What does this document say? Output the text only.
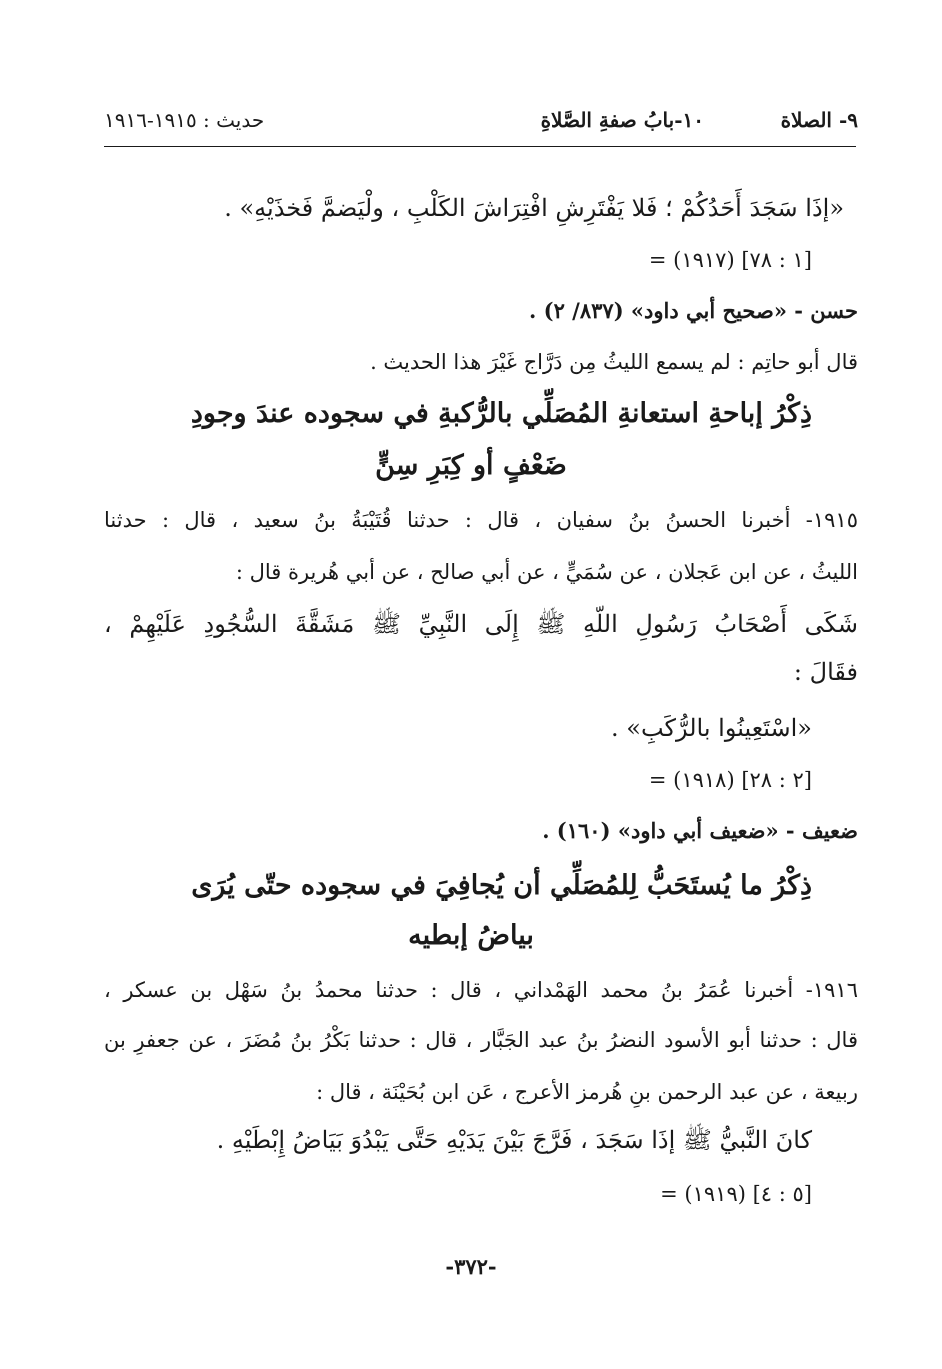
٩- الصلاة
١٠-بابُ صفةِ الصَّلاةِ
حديث : ١٩١٥-١٩١٦
«إذَا سَجَدَ أَحَدُكُمْ ؛ فَلا يَفْتَرِشِ افْتِرَاشَ الكَلْبِ ، ولْيَضمَّ فَخذَيْهِ» .
= (١٩١٧) [١ : ٧٨]
حسن - «صحيح أبي داود» (٨٣٧/ ٢) .
قال أبو حاتِم : لم يسمع الليثُ مِن دَرَّاج غَيْرَ هذا الحديث .
ذِكْرُ إباحةِ استعانةِ المُصَلِّي بالرُّكبةِ في سجوده عندَ وجودِ
ضَعْفٍ أو كِبَرِ سِنٍّ
١٩١٥- أخبرنا الحسنُ بنُ سفيان ، قال : حدثنا قُتَيْبَةُ بنُ سعيد ، قال : حدثنا
الليثُ ، عن ابن عَجلان ، عن سُمَيٍّ ، عن أبي صالح ، عن أبي هُريرة قال :
شَكَى أَصْحَابُ رَسُولِ اللّهِ ﷺ إِلَى النَّبِيِّ ﷺ مَشَقَّةَ السُّجُودِ عَلَيْهِمْ ،
فقَالَ :
«اسْتَعِينُوا بالرُّكَبِ» .
= (١٩١٨) [٢ : ٢٨]
ضعيف - «ضعيف أبي داود» (١٦٠) .
ذِكْرُ ما يُستَحَبُّ لِلمُصَلِّي أن يُجافِيَ في سجوده حتّى يُرَى
بياضُ إبطيه
١٩١٦- أخبرنا عُمَرُ بنُ محمد الهَمْداني ، قال : حدثنا محمدُ بنُ سَهْل بن عسكر ،
قال : حدثنا أبو الأسود النضرُ بنُ عبد الجَبَّار ، قال : حدثنا بَكْرُ بنُ مُضَرَ ، عن جعفرِ بن
ربيعة ، عن عبد الرحمن بنِ هُرمز الأعرج ، عَن ابن بُحَيْنَة ، قال :
كانَ النَّبيُّ ﷺ إذَا سَجَدَ ، فَرَّجَ بَيْنَ يَدَيْهِ حَتَّى يَبْدُوَ بَيَاضُ إِبْطَيْهِ .
= (١٩١٩) [٥ : ٤]
-٣٧٢-
